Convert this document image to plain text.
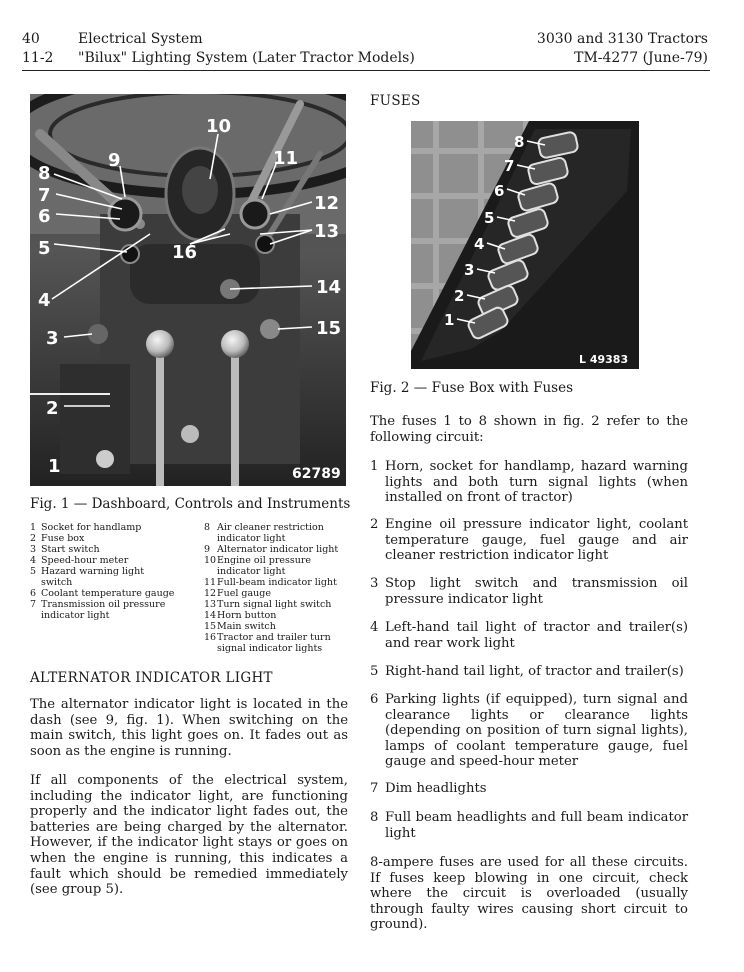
40	Electrical System
11-2 "Bilux" Lighting System (Later Tractor Models)
3030 and 3130 Tractors
TM-4277 (June-79)
8
7
6
5
4
3
2
1
9
10
11
12
13
14
15
16
62789
Fig. 1 — Dashboard, Controls and Instruments
1 Socket for handlamp
2 Fuse box
3 Start switch
4 Speed-hour meter
5 Hazard warning light switch
6 Coolant temperature gauge
7 Transmission oil pressure indicator light
8 Air cleaner restriction indicator light
9 Alternator indicator light
10 Engine oil pressure indicator light
11 Full-beam indicator light
12 Fuel gauge
13 Turn signal light switch
14 Horn button
15 Main switch
16 Tractor and trailer turn signal indicator lights
ALTERNATOR INDICATOR LIGHT
The alternator indicator light is located in the dash (see 9, fig. 1). When switching on the main switch, this light goes on. It fades out as soon as the engine is running.
If all components of the electrical system, including the indicator light, are functioning properly and the indicator light fades out, the batteries are being charged by the alternator. However, if the indicator light stays or goes on when the engine is running, this indicates a fault which should be remedied immediately (see group 5).
FUSES
8
7
6
5
4
3
2
1
L 49383
Fig. 2 — Fuse Box with Fuses
The fuses 1 to 8 shown in fig. 2 refer to the following circuit:
1 Horn, socket for handlamp, hazard warning lights and both turn signal lights (when installed on front of tractor)
2 Engine oil pressure indicator light, coolant temperature gauge, fuel gauge and air cleaner restriction indicator light
3 Stop light switch and transmission oil pressure indicator light
4 Left-hand tail light of tractor and trailer(s) and rear work light
5 Right-hand tail light, of tractor and trailer(s)
6 Parking lights (if equipped), turn signal and clearance lights or clearance lights (depending on position of turn signal lights), lamps of coolant temperature gauge, fuel gauge and speed-hour meter
7 Dim headlights
8 Full beam headlights and full beam indicator light
8-ampere fuses are used for all these circuits. If fuses keep blowing in one circuit, check where the circuit is overloaded (usually through faulty wires causing short circuit to ground).
